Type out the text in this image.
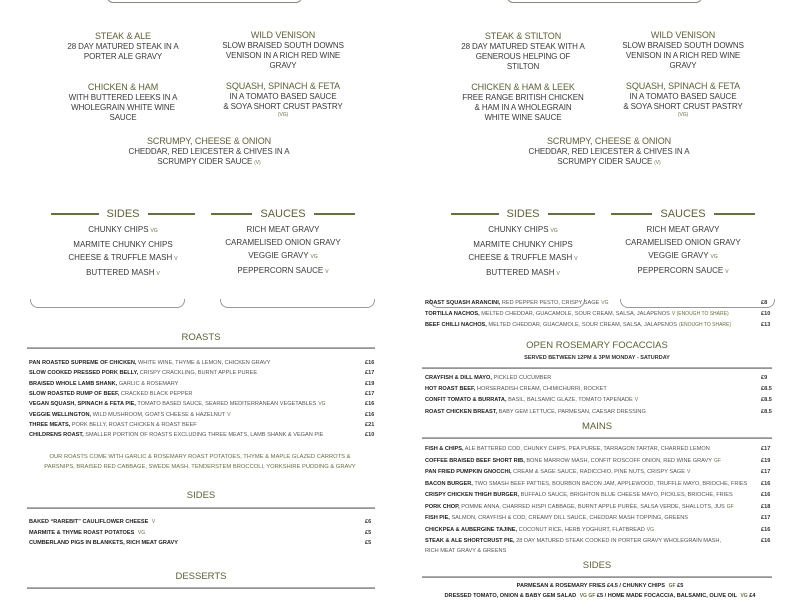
STEAK & ALE
28 DAY MATURED STEAK IN A
PORTER ALE GRAVY
WILD VENISON
SLOW BRAISED SOUTH DOWNS
VENISON IN A RICH RED WINE
GRAVY
CHICKEN & HAM
WITH BUTTERED LEEKS IN A
WHOLEGRAIN WHITE WINE
SAUCE
SQUASH, SPINACH & FETA
IN A TOMATO BASED SAUCE
& SOYA SHORT CRUST PASTRY
(VG)
SCRUMPY, CHEESE & ONION
CHEDDAR, RED LEICESTER & CHIVES IN A
SCRUMPY CIDER SAUCE (V)
SIDES
CHUNKY CHIPS VG
MARMITE CHUNKY CHIPS
CHEESE & TRUFFLE MASH V
BUTTERED MASH V
SAUCES
RICH MEAT GRAVY
CARAMELISED ONION GRAVY
VEGGIE GRAVY VG
PEPPERCORN SAUCE V
ROASTS
PAN ROASTED SUPREME OF CHICKEN, WHITE WINE, THYME & LEMON, CHICKEN GRAVY	£16
SLOW COOKED PRESSED PORK BELLY, CRISPY CRACKLING, BURNT APPLE PUREE	£17
BRAISED WHOLE LAMB SHANK, GARLIC & ROSEMARY	£19
SLOW ROASTED RUMP OF BEEF, CRACKED BLACK PEPPER	£17
VEGAN SQUASH, SPINACH & FETA PIE, TOMATO BASED SAUCE, SEARED MEDITERRANEAN VEGETABLES VG	£16
VEGGIE WELLINGTON, WILD MUSHROOM, GOATS CHEESE & HAZELNUT V	£16
THREE MEATS, PORK BELLY, ROAST CHICKEN & ROAST BEEF	£21
CHILDRENS ROAST, SMALLER PORTION OF ROASTS EXCLUDING THREE MEATS, LAMB SHANK & VEGAN PIE	£10
OUR ROASTS COME WITH GARLIC & ROSEMARY ROAST POTATOES, THYME & MAPLE GLAZED CARROTS &
PARSNIPS, BRAISED RED CABBAGE, SWEDE MASH, TENDERSTEM BROCCOLI, YORKSHIRE PUDDING & GRAVY
SIDES
BAKED “RAREBIT” CAULIFLOWER CHEESE V	£6
MARMITE & THYME ROAST POTATOES VG	£5
CUMBERLAND PIGS IN BLANKETS, RICH MEAT GRAVY	£5
DESSERTS
STEAK & STILTON
28 DAY MATURED STEAK WITH A
GENEROUS HELPING OF
STILTON
WILD VENISON
SLOW BRAISED SOUTH DOWNS
VENISON IN A RICH RED WINE
GRAVY
CHICKEN & HAM & LEEK
FREE RANGE BRITISH CHICKEN
& HAM IN A WHOLEGRAIN
WHITE WINE SAUCE
SQUASH, SPINACH & FETA
IN A TOMATO BASED SAUCE
& SOYA SHORT CRUST PASTRY
(VG)
SCRUMPY, CHEESE & ONION
CHEDDAR, RED LEICESTER & CHIVES IN A
SCRUMPY CIDER SAUCE (V)
SIDES
CHUNKY CHIPS VG
MARMITE CHUNKY CHIPS
CHEESE & TRUFFLE MASH V
BUTTERED MASH V
SAUCES
RICH MEAT GRAVY
CARAMELISED ONION GRAVY
VEGGIE GRAVY VG
PEPPERCORN SAUCE V
ROAST SQUASH ARANCINI, RED PEPPER PESTO, CRISPY SAGE VG	£8
TORTILLA NACHOS, MELTED CHEDDAR, GUACAMOLE, SOUR CREAM, SALSA, JALAPENOS V (ENOUGH TO SHARE)	£10
BEEF CHILLI NACHOS, MELTED CHEDDAR, GUACAMOLE, SOUR CREAM, SALSA, JALAPENOS (ENOUGH TO SHARE)	£13
OPEN ROSEMARY FOCACCIAS
SERVED BETWEEN 12PM & 3PM MONDAY - SATURDAY
CRAYFISH & DILL MAYO, PICKLED CUCUMBER	£9
HOT ROAST BEEF, HORSERADISH CREAM, CHIMICHURRI, ROCKET	£8.5
CONFIT TOMATO & BURRATA, BASIL, BALSAMIC GLAZE, TOMATO TAPENADE V	£8.5
ROAST CHICKEN BREAST, BABY GEM LETTUCE, PARMESAN, CAESAR DRESSING	£8.5
MAINS
FISH & CHIPS, ALE BATTERED COD, CHUNKY CHIPS, PEA PUREE, TARRAGON TARTAR, CHARRED LEMON	£17
COFFEE BRAISED BEEF SHORT RIB, BONE MARROW MASH, CONFIT ROSCOFF ONION, RED WINE GRAVY GF	£19
PAN FRIED PUMPKIN GNOCCHI, CREAM & SAGE SAUCE, RADICCHIO, PINE NUTS, CRISPY SAGE V	£17
BACON BURGER, TWO SMASH BEEF PATTIES, BOURBON BACON JAM, APPLEWOOD, TRUFFLE MAYO, BRIOCHE, FRIES £16
CRISPY CHICKEN THIGH BURGER, BUFFALO SAUCE, BRIGHTON BLUE CHEESE MAYO, PICKLES, BRIOCHE, FRIES	£16
PORK CHOP, POMME ANNA, CHARRED HISPI CABBAGE, BURNT APPLE PURÉE, SALSA VERDE, SHALLOTS, JUS GF	£18
FISH PIE, SALMON, CRAYFISH & COD, CREAMY DILL SAUCE, CHEDDAR MASH TOPPING, GREENS	£17
CHICKPEA & AUBERGINE TAJINE, COCONUT RICE, HERB YOGHURT, FLATBREAD VG	£16
STEAK & ALE SHORTCRUST PIE, 28 DAY MATURED STEAK COOKED IN PORTER GRAVY WHOLEGRAIN MASH,
RICH MEAT GRAVY & GREENS
£16
SIDES
PARMESAN & ROSEMARY FRIES £4.5 / CHUNKY CHIPS GF £5
DRESSED TOMATO, ONION & BABY GEM SALAD VG GF £5 / HOME MADE FOCACCIA, BALSAMIC, OLIVE OIL VG £4
